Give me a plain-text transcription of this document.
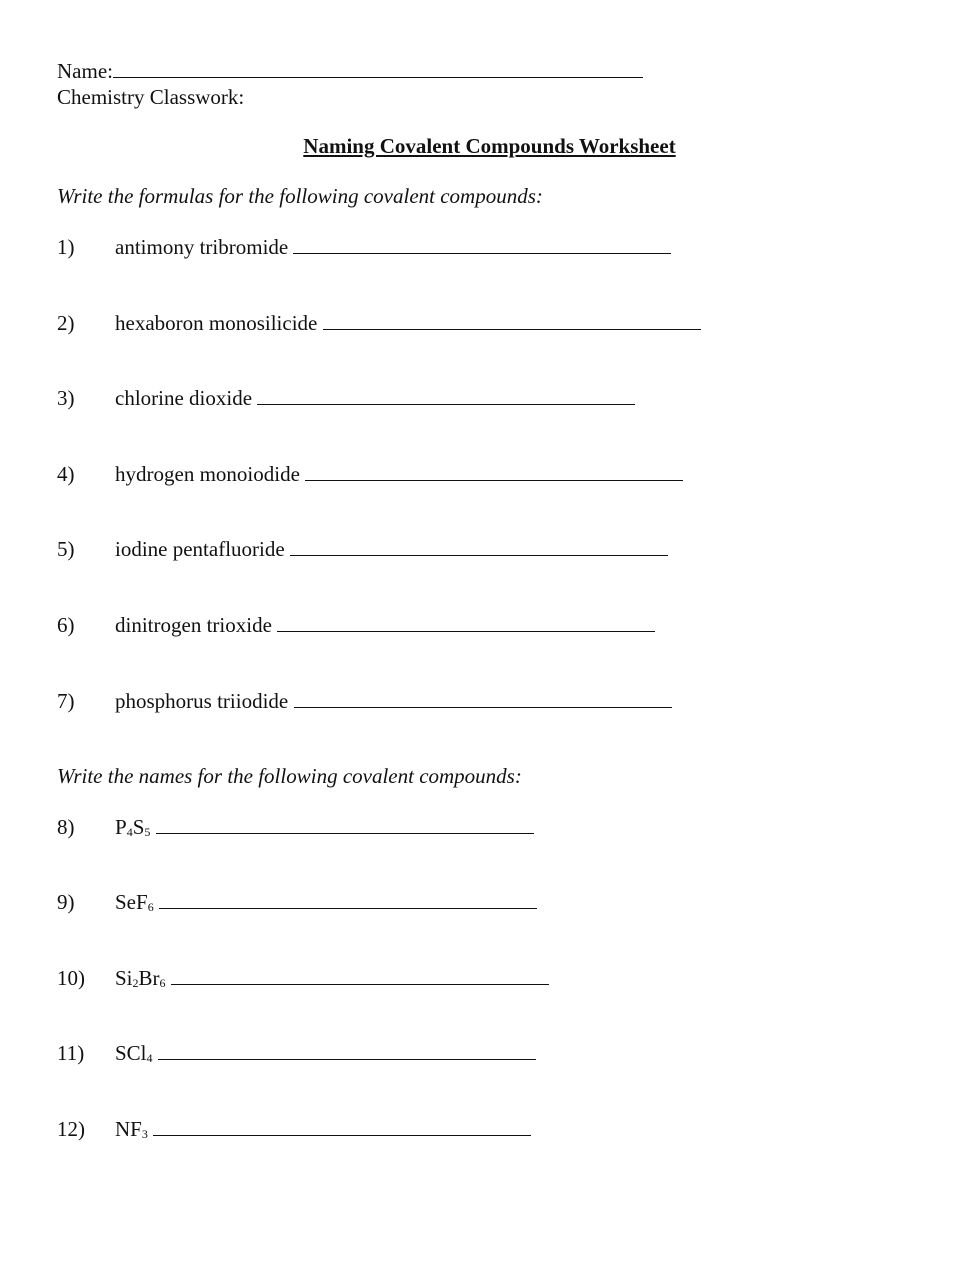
Name:
Chemistry Classwork:
Naming Covalent Compounds Worksheet
Write the formulas for the following covalent compounds:
1) antimony tribromide
2) hexaboron monosilicide
3) chlorine dioxide
4) hydrogen monoiodide
5) iodine pentafluoride
6) dinitrogen trioxide
7) phosphorus triiodide
Write the names for the following covalent compounds:
8) $P_4S_5$
9) SeF$_6$
10) $Si_2Br_6$
11) SCl$_4$
12) $NF_3$
